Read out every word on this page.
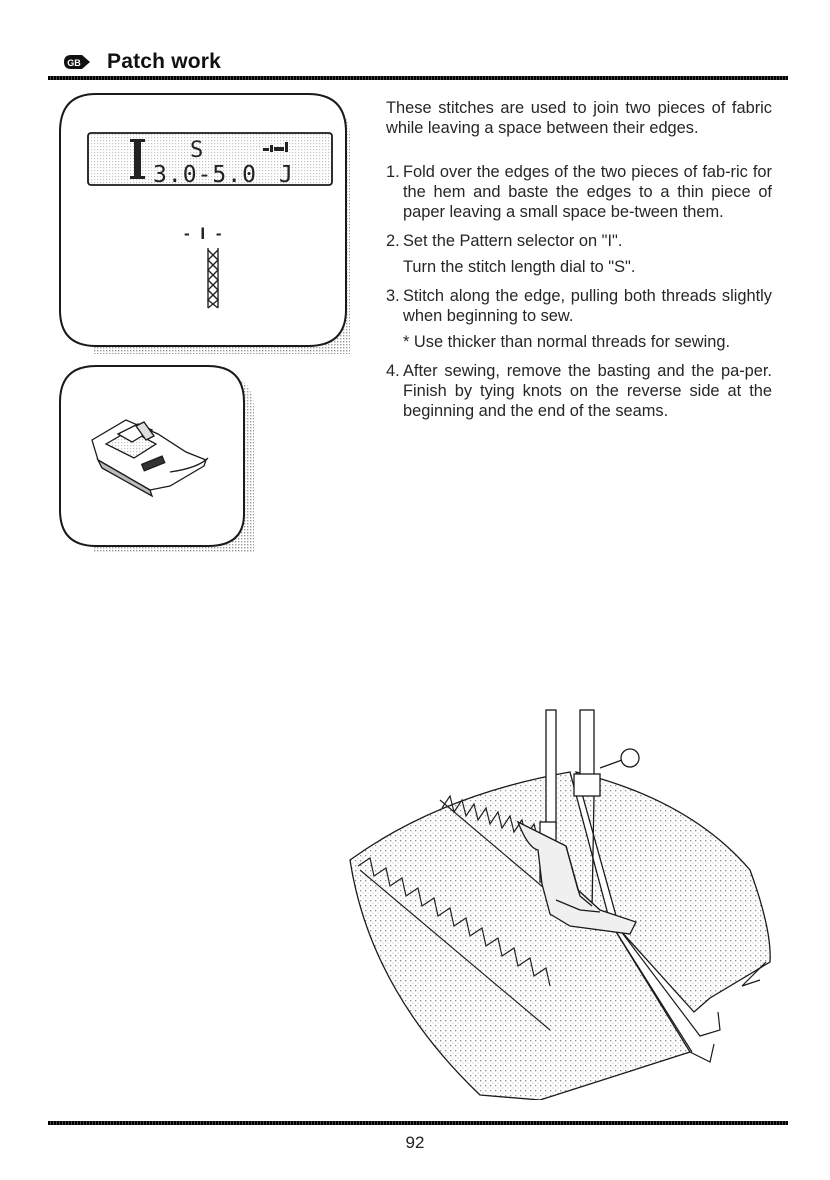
GB Patch work
S
3.0-5.0 J
- I -

These stitches are used to join two pieces of fabric while leaving a space between their edges.

1. Fold over the edges of the two pieces of fab-ric for the hem and baste the edges to a thin piece of paper leaving a small space be-tween them.

2. Set the Pattern selector on "I".

Turn the stitch length dial to "S".

3. Stitch along the edge, pulling both threads slightly when beginning to sew.

* Use thicker than normal threads for sewing.

4. After sewing, remove the basting and the pa-per. Finish by tying knots on the reverse side at the beginning and the end of the seams.

92
